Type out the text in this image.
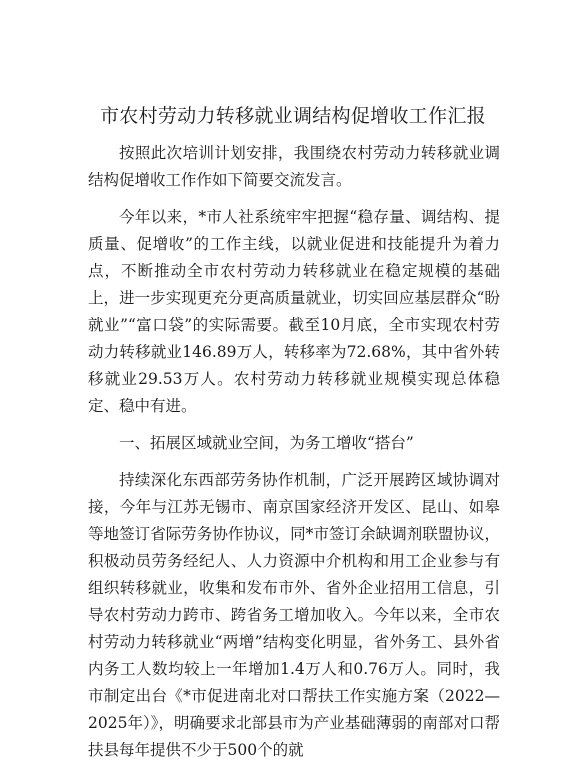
市农村劳动力转移就业调结构促增收工作汇报

按照此次培训计划安排，我围绕农村劳动力转移就业调结构促增收工作作如下简要交流发言。

今年以来，*市人社系统牢牢把握“稳存量、调结构、提质量、促增收”的工作主线，以就业促进和技能提升为着力点，不断推动全市农村劳动力转移就业在稳定规模的基础上，进一步实现更充分更高质量就业，切实回应基层群众“盼就业”“富口袋”的实际需要。截至10月底，全市实现农村劳动力转移就业146.89万人，转移率为72.68%，其中省外转移就业29.53万人。农村劳动力转移就业规模实现总体稳定、稳中有进。

一、拓展区域就业空间，为务工增收“搭台”

持续深化东西部劳务协作机制，广泛开展跨区域协调对接，今年与江苏无锡市、南京国家经济开发区、昆山、如皋等地签订省际劳务协作协议，同*市签订余缺调剂联盟协议，积极动员劳务经纪人、人力资源中介机构和用工企业参与有组织转移就业，收集和发布市外、省外企业招用工信息，引导农村劳动力跨市、跨省务工增加收入。今年以来，全市农村劳动力转移就业“两增”结构变化明显，省外务工、县外省内务工人数均较上一年增加1.4万人和0.76万人。同时，我市制定出台《*市促进南北对口帮扶工作实施方案（2022—2025年）》，明确要求北部县市为产业基础薄弱的南部对口帮扶县每年提供不少于500个的就
